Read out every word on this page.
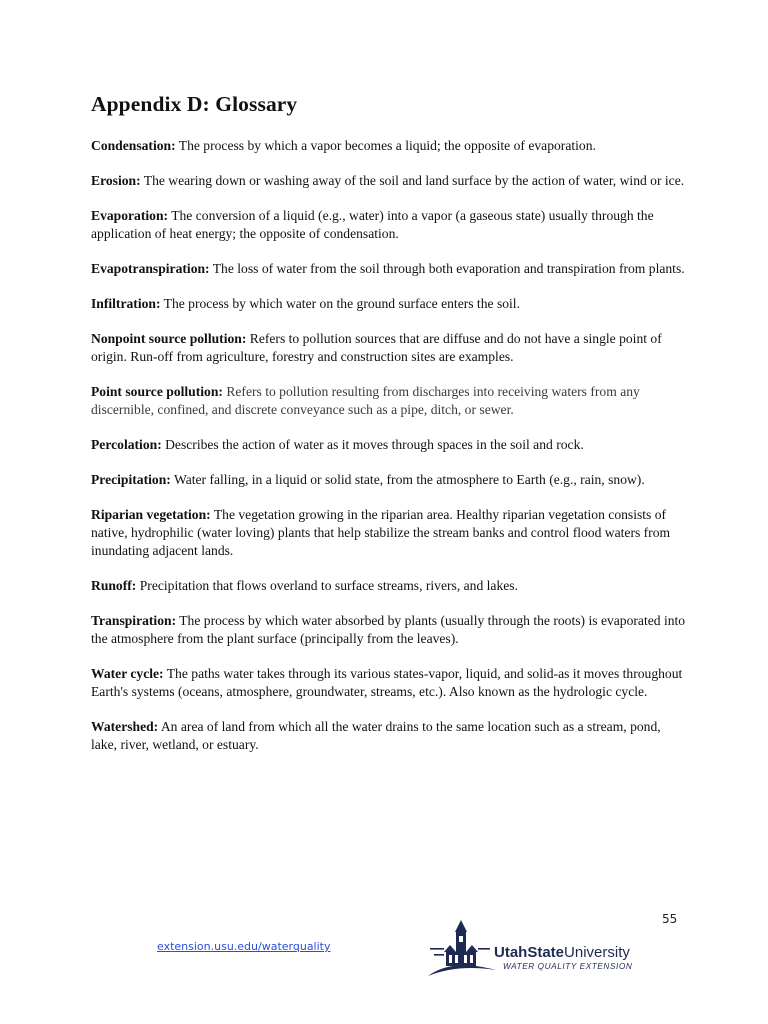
Appendix D: Glossary

Condensation: The process by which a vapor becomes a liquid; the opposite of evaporation.

Erosion: The wearing down or washing away of the soil and land surface by the action of water, wind or ice.

Evaporation: The conversion of a liquid (e.g., water) into a vapor (a gaseous state) usually through the application of heat energy; the opposite of condensation.

Evapotranspiration: The loss of water from the soil through both evaporation and transpiration from plants.

Infiltration: The process by which water on the ground surface enters the soil.

Nonpoint source pollution: Refers to pollution sources that are diffuse and do not have a single point of origin. Run-off from agriculture, forestry and construction sites are examples.

Point source pollution: Refers to pollution resulting from discharges into receiving waters from any discernible, confined, and discrete conveyance such as a pipe, ditch, or sewer.

Percolation: Describes the action of water as it moves through spaces in the soil and rock.

Precipitation: Water falling, in a liquid or solid state, from the atmosphere to Earth (e.g., rain, snow).

Riparian vegetation: The vegetation growing in the riparian area. Healthy riparian vegetation consists of native, hydrophilic (water loving) plants that help stabilize the stream banks and control flood waters from inundating adjacent lands.

Runoff: Precipitation that flows overland to surface streams, rivers, and lakes.

Transpiration: The process by which water absorbed by plants (usually through the roots) is evaporated into the atmosphere from the plant surface (principally from the leaves).

Water cycle: The paths water takes through its various states-vapor, liquid, and solid-as it moves throughout Earth's systems (oceans, atmosphere, groundwater, streams, etc.). Also known as the hydrologic cycle.

Watershed: An area of land from which all the water drains to the same location such as a stream, pond, lake, river, wetland, or estuary.

55
extension.usu.edu/waterquality	UtahStateUniversity
WATER QUALITY EXTENSION
